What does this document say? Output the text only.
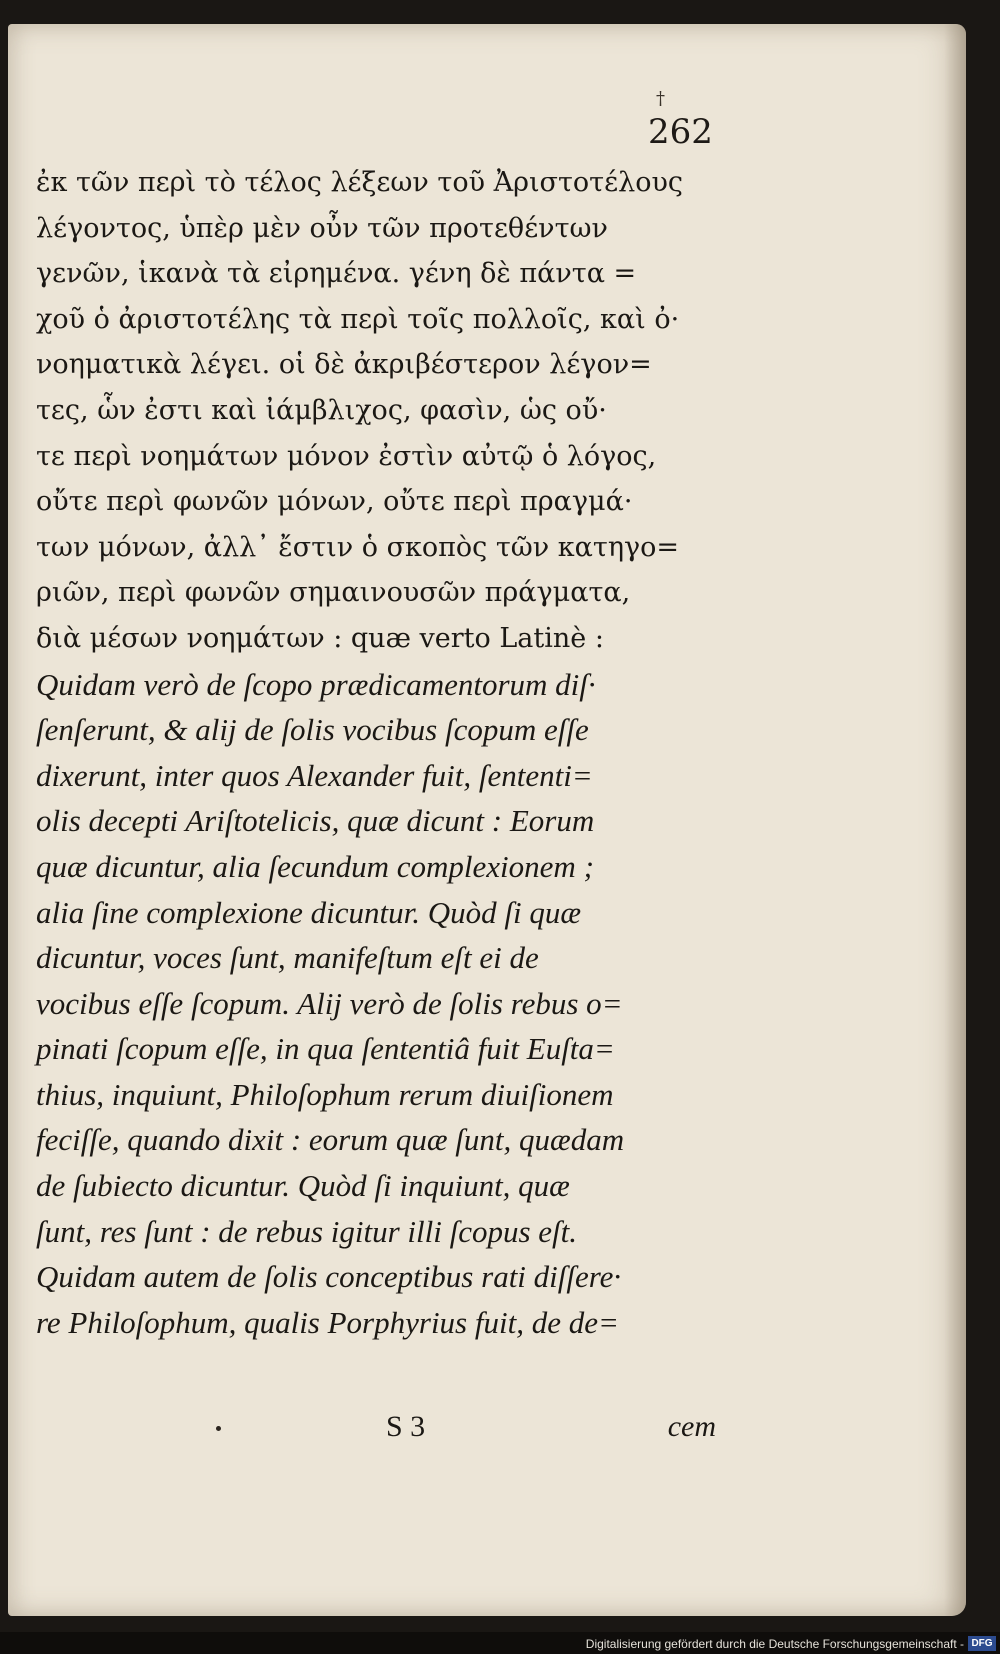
†
262
ἐκ τῶν περὶ τὸ τέλος λέξεων τοῦ Ἀριστοτέλους
λέγοντος, ὑπὲρ μὲν οὖν τῶν προτεθέντων
γενῶν, ἱκανὰ τὰ εἰρημένα. γένη δὲ πάντα =
χοῦ ὁ ἀριστοτέλης τὰ περὶ τοῖς πολλοῖς, καὶ ὀ·
νοηματικὰ λέγει. οἱ δὲ ἀκριβέστερον λέγον=
τες, ὧν ἐστι καὶ ἰάμβλιχος, φασὶν, ὡς οὔ·
τε περὶ νοημάτων μόνον ἐστὶν αὐτῷ ὁ λόγος,
οὔτε περὶ φωνῶν μόνων, οὔτε περὶ πραγμά·
των μόνων, ἀλλ᾽ ἔστιν ὁ σκοπὸς τῶν κατηγο=
ριῶν, περὶ φωνῶν σημαινουσῶν πράγματα,
διὰ μέσων νοημάτων : quæ verto Latinè :
Quidam verò de ſcopo prædicamentorum diſ·
ſenſerunt, & alij de ſolis vocibus ſcopum eſſe
dixerunt, inter quos Alexander fuit, ſententi=
olis decepti Ariſtotelicis, quæ dicunt : Eorum
quæ dicuntur, alia ſecundum complexionem ;
alia ſine complexione dicuntur. Quòd ſi quæ
dicuntur, voces ſunt, manifeſtum eſt ei de
vocibus eſſe ſcopum. Alij verò de ſolis rebus o=
pinati ſcopum eſſe, in qua ſententiâ fuit Euſta=
thius, inquiunt, Philoſophum rerum diuiſionem
feciſſe, quando dixit : eorum quæ ſunt, quædam
de ſubiecto dicuntur. Quòd ſi inquiunt, quæ
ſunt, res ſunt : de rebus igitur illi ſcopus eſt.
Quidam autem de ſolis conceptibus rati diſſere·
re Philoſophum, qualis Porphyrius fuit, de de=
S 3	cem
Digitalisierung gefördert durch die Deutsche Forschungsgemeinschaft - DFG
